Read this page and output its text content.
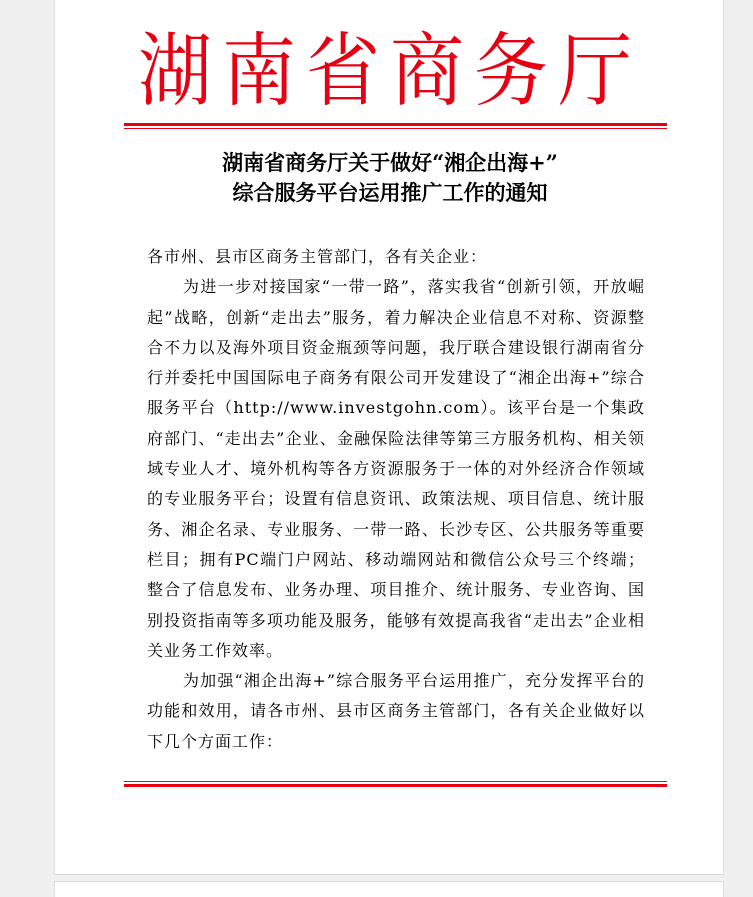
湖南省商务厅
湖南省商务厅关于做好“湘企出海+”
综合服务平台运用推广工作的通知

各市州、县市区商务主管部门，各有关企业：

为进一步对接国家“一带一路”，落实我省“创新引领，开放崛起”战略，创新“走出去”服务，着力解决企业信息不对称、资源整合不力以及海外项目资金瓶颈等问题，我厅联合建设银行湖南省分行并委托中国国际电子商务有限公司开发建设了“湘企出海+”综合服务平台（http://www.investgohn.com）。该平台是一个集政府部门、“走出去”企业、金融保险法律等第三方服务机构、相关领域专业人才、境外机构等各方资源服务于一体的对外经济合作领域的专业服务平台；设置有信息资讯、政策法规、项目信息、统计服务、湘企名录、专业服务、一带一路、长沙专区、公共服务等重要栏目；拥有PC端门户网站、移动端网站和微信公众号三个终端；整合了信息发布、业务办理、项目推介、统计服务、专业咨询、国别投资指南等多项功能及服务，能够有效提高我省“走出去”企业相关业务工作效率。

为加强“湘企出海+”综合服务平台运用推广，充分发挥平台的功能和效用，请各市州、县市区商务主管部门，各有关企业做好以下几个方面工作：
